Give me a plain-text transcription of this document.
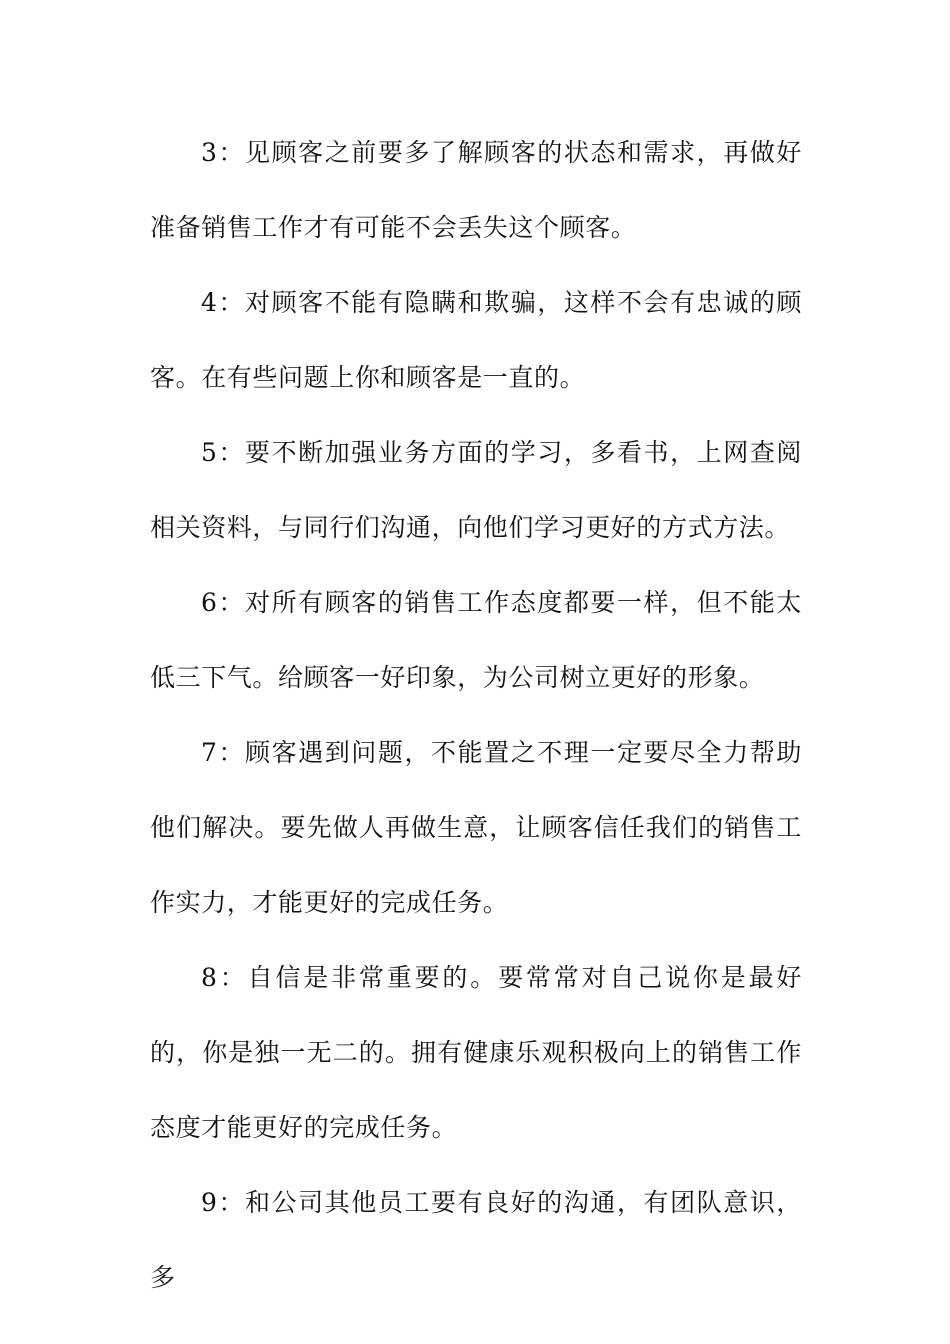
3：见顾客之前要多了解顾客的状态和需求，再做好准备销售工作才有可能不会丢失这个顾客。

4：对顾客不能有隐瞒和欺骗，这样不会有忠诚的顾客。在有些问题上你和顾客是一直的。

5：要不断加强业务方面的学习，多看书，上网查阅相关资料，与同行们沟通，向他们学习更好的方式方法。

6：对所有顾客的销售工作态度都要一样，但不能太低三下气。给顾客一好印象，为公司树立更好的形象。

7：顾客遇到问题，不能置之不理一定要尽全力帮助他们解决。要先做人再做生意，让顾客信任我们的销售工作实力，才能更好的完成任务。

8：自信是非常重要的。要常常对自己说你是最好的，你是独一无二的。拥有健康乐观积极向上的销售工作态度才能更好的完成任务。

9：和公司其他员工要有良好的沟通，有团队意识，多
